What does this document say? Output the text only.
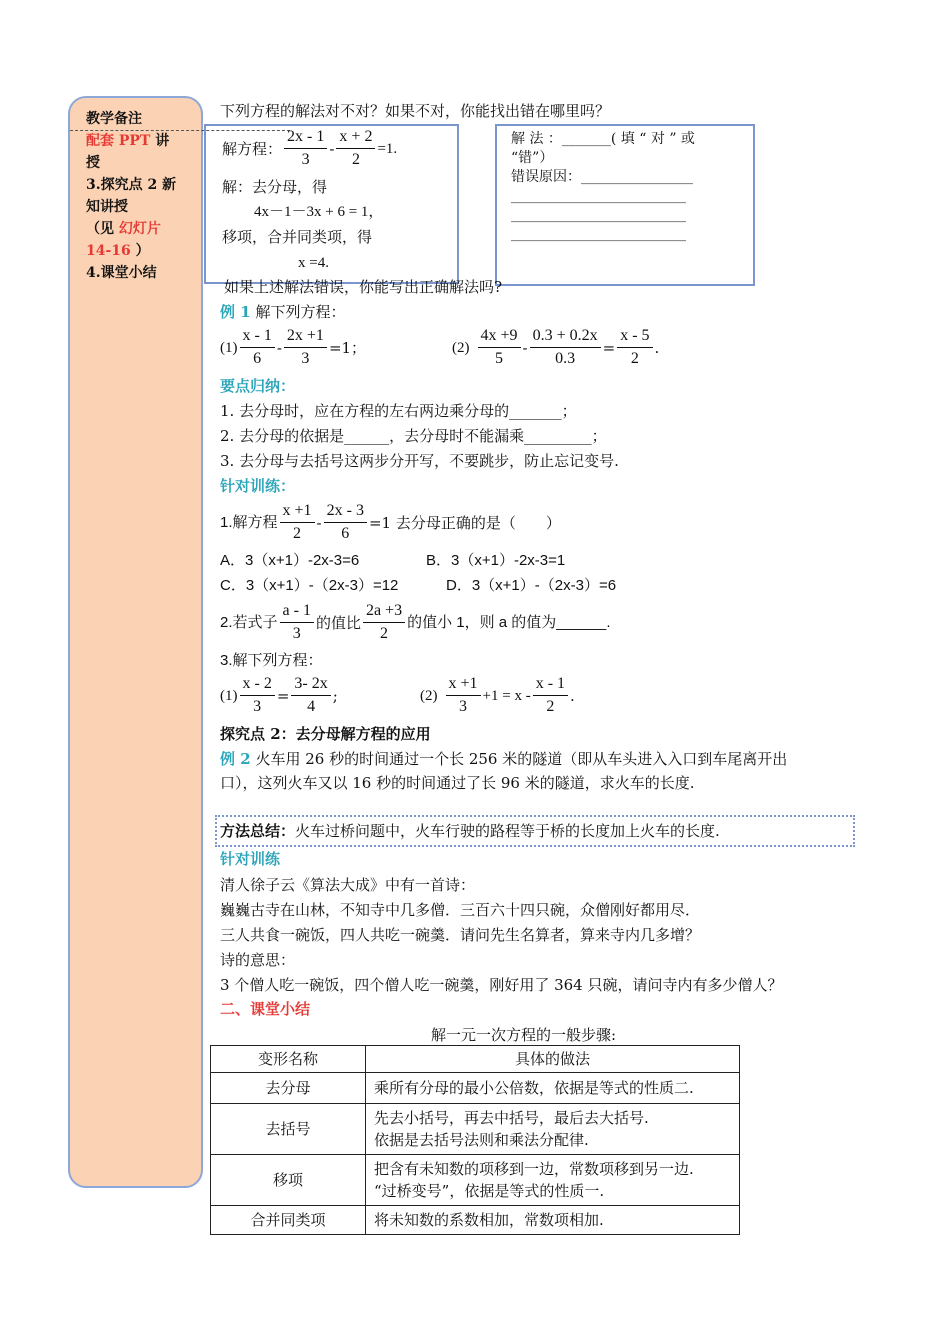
教学备注
配套 PPT 讲
授
3.探究点 2 新
知讲授
（见 幻灯片
14-16 ）
4.课堂小结
下列方程的解法对不对？如果不对，你能找出错在哪里吗？
解方程： $\frac{2x - 1}{3} - \frac{x + 2}{2} =1$.
解：去分母，得
4x－1－3x + 6 = 1，
移项，合并同类项，得
x =4.
解 法 ：_______( 填 “ 对 ” 或
“错”）
错误原因：________________
_________________________
_________________________
_________________________
如果上述解法错误，你能写出正确解法吗?
例 1 解下列方程：
$(1) \frac{x - 1}{6} - \frac{2x +1}{3} =1$；	$(2) \frac{4x +9}{5} - \frac{0.3 + 0.2x}{0.3} = \frac{x - 5}{2}$ .
要点归纳：
1. 去分母时，应在方程的左右两边乘分母的_______；
2. 去分母的依据是______，去分母时不能漏乘_________；
3. 去分母与去括号这两步分开写，不要跳步，防止忘记变号.
针对训练：
1.解方程 $\frac{x +1}{2} - \frac{2x - 3}{6} =1$ 去分母正确的是（　　）
A．3（x+1）-2x-3=6	B．3（x+1）-2x-3=1
C．3（x+1）-（2x-3）=12	D．3（x+1）-（2x-3）=6
2.若式子 $\frac{a - 1}{3}$ 的值比 $\frac{2a +3}{2}$ 的值小 1，则 a 的值为______.
3.解下列方程：
$(1) \frac{x - 2}{3} = \frac{3- 2x}{4}$ ;	$(2) \frac{x +1}{3} +1 = x - \frac{x - 1}{2}$ .
探究点 2：去分母解方程的应用
例 2 火车用 26 秒的时间通过一个长 256 米的隧道（即从车头进入入口到车尾离开出
口），这列火车又以 16 秒的时间通过了长 96 米的隧道，求火车的长度.
方法总结：火车过桥问题中，火车行驶的路程等于桥的长度加上火车的长度.
针对训练
清人徐子云《算法大成》中有一首诗：
巍巍古寺在山林，不知寺中几多僧．三百六十四只碗，众僧刚好都用尽．
三人共食一碗饭，四人共吃一碗羹．请问先生名算者，算来寺内几多增？
诗的意思：
3 个僧人吃一碗饭，四个僧人吃一碗羹，刚好用了 364 只碗，请问寺内有多少僧人？
二、课堂小结
解一元一次方程的一般步骤:
变形名称	具体的做法
去分母	乘所有分母的最小公倍数，依据是等式的性质二.
去括号	先去小括号，再去中括号，最后去大括号.
依据是去括号法则和乘法分配律.

移项	把含有未知数的项移到一边，常数项移到另一边.
“过桥变号”，依据是等式的性质一.

合并同类项	将未知数的系数相加，常数项相加.
